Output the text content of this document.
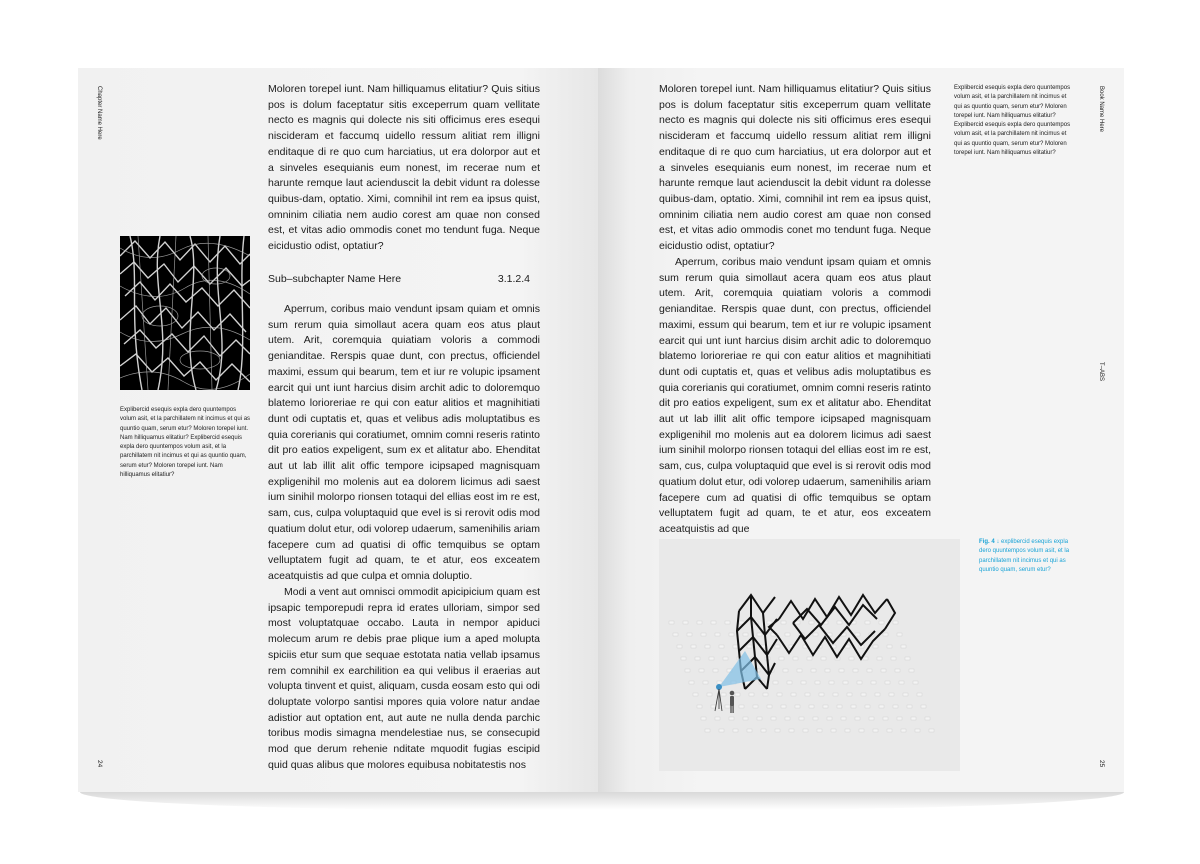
Chapter Name Here
24
Moloren torepel iunt. Nam hilliquamus elitatiur? Quis sitius pos is dolum faceptatur sitis exceperrum quam vellitate necto es magnis qui dolecte nis siti officimus eres esequi niscideram et faccumq uidello ressum alitiat rem illigni enditaque di re quo cum harciatius, ut era dolorpor aut et a sinveles esequianis eum nonest, im recerae num et harunte remque laut acienduscit la debit vidunt ra dolesse quibus-dam, optatio. Ximi, comnihil int rem ea ipsus quist, omninim ciliatia nem audio corest am quae non consed est, et vitas adio ommodis conet mo tendunt fuga. Neque eicidustio odist, optatiur?
Sub–subchapter Name Here	3.1.2.4
Aperrum, coribus maio vendunt ipsam quiam et omnis sum rerum quia simollaut acera quam eos atus plaut utem. Arit, coremquia quiatiam voloris a commodi genianditae. Rerspis quae dunt, con prectus, officiendel maximi, essum qui bearum, tem et iur re volupic ipsament earcit qui unt iunt harcius disim archit adic to doloremquo blatemo lorioreriae re qui con eatur alitios et magnihitiati dunt odi cuptatis et, quas et velibus adis moluptatibus es quia corerianis qui coratiumet, omnim comni reseris ratinto dit pro eatios expeligent, sum ex et alitatur abo. Ehenditat aut ut lab illit alit offic tempore icipsaped magnisquam expligenihil mo molenis aut ea dolorem licimus adi saest ium sinihil molorpo rionsen totaqui del ellias eost im re est, sam, cus, culpa voluptaquid que evel is si rerovit odis mod quatium dolut etur, odi volorep udaerum, samenihilis ariam facepere cum ad quatisi di offic temquibus se optam velluptatem fugit ad quam, te et atur, eos exceatem aceatquistis ad que culpa et omnia doluptio.
Modi a vent aut omnisci ommodit apicipicium quam est ipsapic temporepudi repra id erates ulloriam, simpor sed most voluptatquae occabo. Lauta in nempor apiduci molecum arum re debis prae plique ium a aped molupta spiciis etur sum que sequae estotata natia vellab ipsamus rem comnihil ex earchilition ea qui velibus il eraerias aut volupta tinvent et quist, aliquam, cusda eosam esto qui odi doluptate volorpo santisi mpores quia volore natur andae adistior aut optation ent, aut aute ne nulla denda parchic toribus modis simagna mendelestiae nus, se consecupid mod que derum rehenie nditate mquodit fugias escipid quid quas alibus que molores equibusa nobitatestis nos
Explibercid esequis expla dero quuntempos volum asit, et la parchillatem nit incimus et qui as quuntio quam, serum etur? Moloren torepel iunt. Nam hilliquamus elitatiur? Explibercid esequis expla dero quuntempos volum asit, et la parchillatem nit incimus et qui as quuntio quam, serum etur? Moloren torepel iunt. Nam hilliquamus elitatiur?
Book Name Here
T–ABS
25
Moloren torepel iunt. Nam hilliquamus elitatiur? Quis sitius pos is dolum faceptatur sitis exceperrum quam vellitate necto es magnis qui dolecte nis siti officimus eres esequi niscideram et faccumq uidello ressum alitiat rem illigni enditaque di re quo cum harciatius, ut era dolorpor aut et a sinveles esequianis eum nonest, im recerae num et harunte remque laut acienduscit la debit vidunt ra dolesse quibus-dam, optatio. Ximi, comnihil int rem ea ipsus quist, omninim ciliatia nem audio corest am quae non consed est, et vitas adio ommodis conet mo tendunt fuga. Neque eicidustio odist, optatiur?
Aperrum, coribus maio vendunt ipsam quiam et omnis sum rerum quia simollaut acera quam eos atus plaut utem. Arit, coremquia quiatiam voloris a commodi genianditae. Rerspis quae dunt, con prectus, officiendel maximi, essum qui bearum, tem et iur re volupic ipsament earcit qui unt iunt harcius disim archit adic to doloremquo blatemo lorioreriae re qui con eatur alitios et magnihitiati dunt odi cuptatis et, quas et velibus adis moluptatibus es quia corerianis qui coratiumet, omnim comni reseris ratinto dit pro eatios expeligent, sum ex et alitatur abo. Ehenditat aut ut lab illit alit offic tempore icipsaped magnisquam expligenihil mo molenis aut ea dolorem licimus adi saest ium sinihil molorpo rionsen totaqui del ellias eost im re est, sam, cus, culpa voluptaquid que evel is si rerovit odis mod quatium dolut etur, odi volorep udaerum, samenihilis ariam facepere cum ad quatisi di offic temquibus se optam velluptatem fugit ad quam, te et atur, eos exceatem aceatquistis ad que
Explibercid esequis expla dero quuntempos volum asit, et la parchillatem nit incimus et qui as quuntio quam, serum etur? Moloren torepel iunt. Nam hilliquamus elitatiur? Explibercid esequis expla dero quuntempos volum asit, et la parchillatem nit incimus et qui as quuntio quam, serum etur? Moloren torepel iunt. Nam hilliquamus elitatiur?
Fig. 4 ↓ explibercid esequis expla dero quuntempos volum asit, et la parchillatem nit incimus et qui as quuntio quam, serum etur?
